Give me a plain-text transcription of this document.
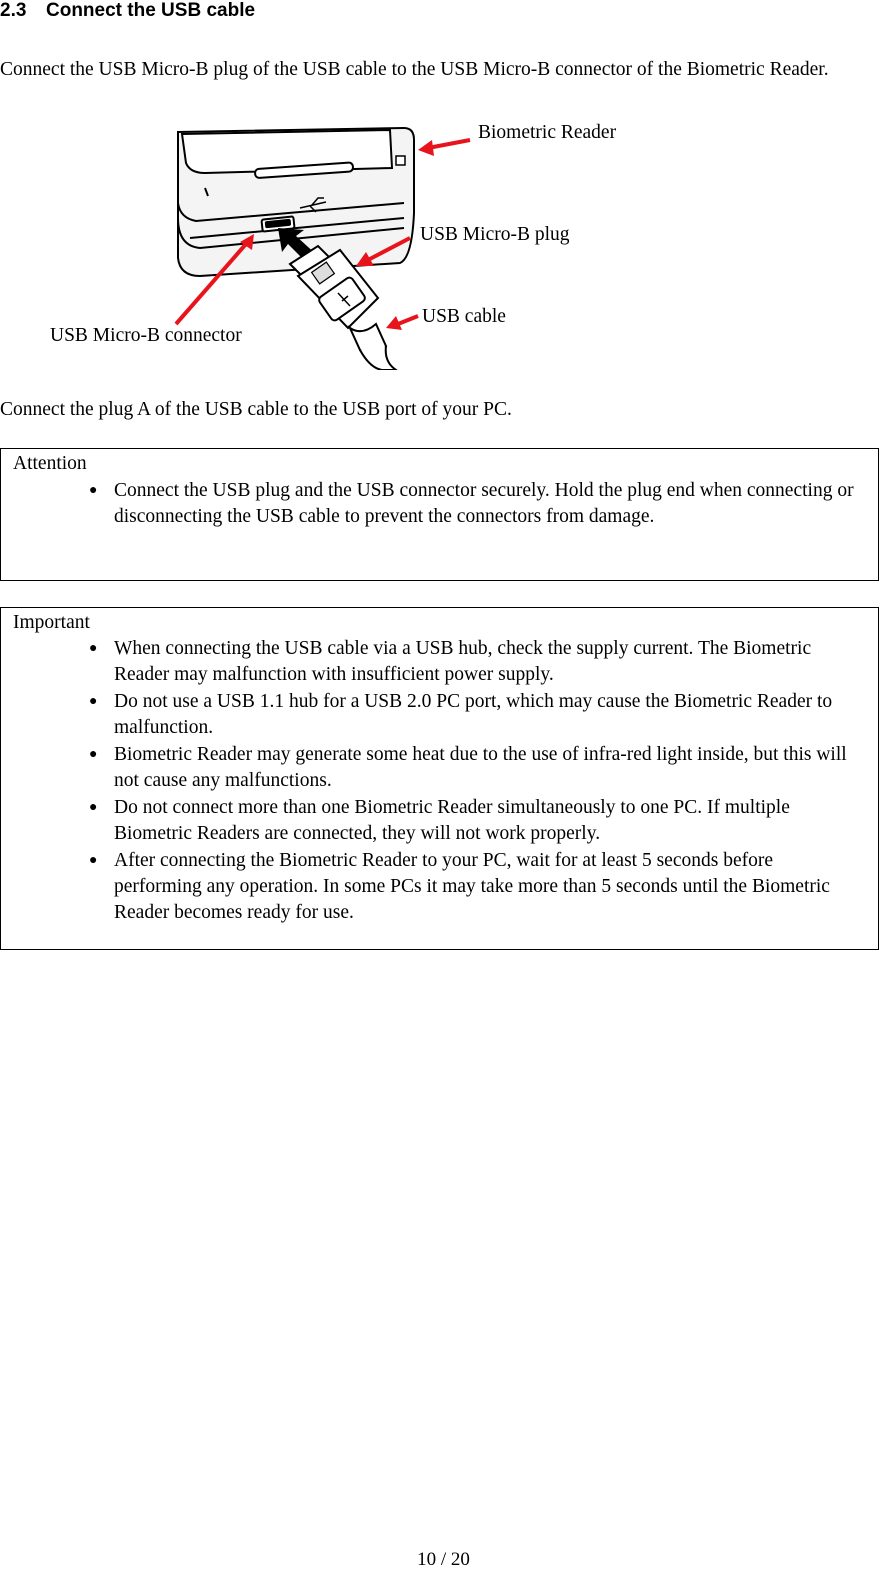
2.3 Connect the USB cable
Connect the USB Micro-B plug of the USB cable to the USB Micro-B connector of the Biometric Reader.
Biometric Reader
USB Micro-B plug
USB cable
USB Micro-B connector
Connect the plug A of the USB cable to the USB port of your PC.
Attention
● Connect the USB plug and the USB connector securely. Hold the plug end when connecting or disconnecting the USB cable to prevent the connectors from damage.
Important
● When connecting the USB cable via a USB hub, check the supply current. The Biometric Reader may malfunction with insufficient power supply.
● Do not use a USB 1.1 hub for a USB 2.0 PC port, which may cause the Biometric Reader to malfunction.
● Biometric Reader may generate some heat due to the use of infra-red light inside, but this will not cause any malfunctions.
● Do not connect more than one Biometric Reader simultaneously to one PC. If multiple Biometric Readers are connected, they will not work properly.
● After connecting the Biometric Reader to your PC, wait for at least 5 seconds before performing any operation. In some PCs it may take more than 5 seconds until the Biometric Reader becomes ready for use.
10 / 20
